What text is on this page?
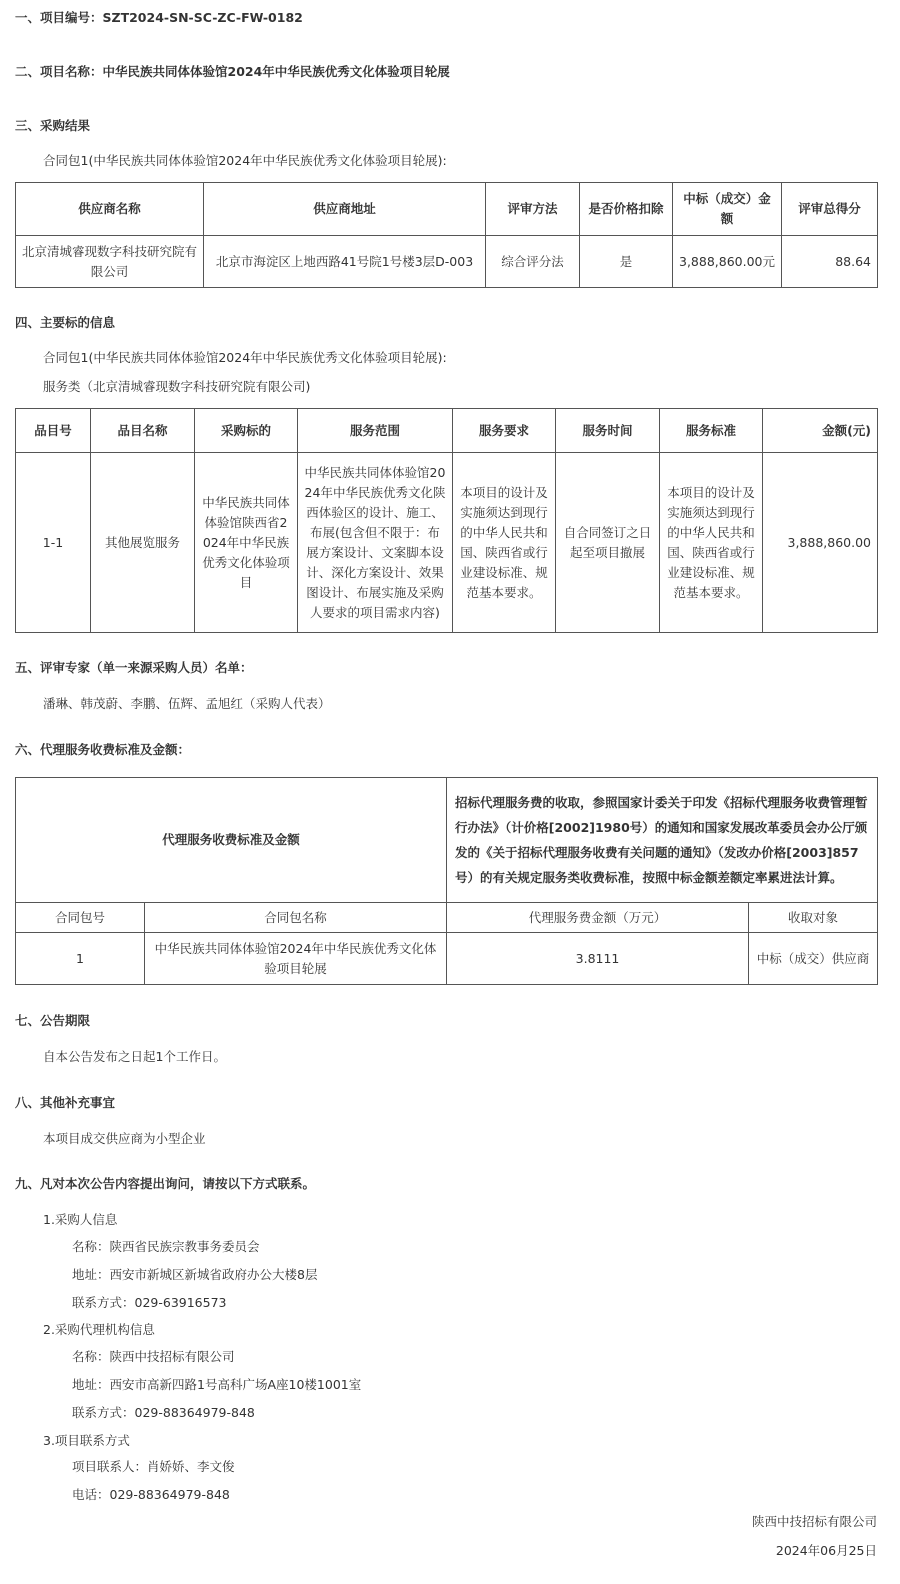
一、项目编号：SZT2024-SN-SC-ZC-FW-0182
二、项目名称：中华民族共同体体验馆2024年中华民族优秀文化体验项目轮展
三、采购结果
合同包1(中华民族共同体体验馆2024年中华民族优秀文化体验项目轮展):
供应商名称	供应商地址	评审方法	是否价格扣除	中标（成交）金额	评审总得分
北京清城睿现数字科技研究院有限公司	北京市海淀区上地西路41号院1号楼3层D-003	综合评分法	是	3,888,860.00元	88.64
四、主要标的信息
合同包1(中华民族共同体体验馆2024年中华民族优秀文化体验项目轮展):
服务类（北京清城睿现数字科技研究院有限公司)
品目号	品目名称	采购标的	服务范围	服务要求	服务时间	服务标准	金额(元)
1-1	其他展览服务	中华民族共同体体验馆陕西省2024年中华民族优秀文化体验项目	中华民族共同体体验馆2024年中华民族优秀文化陕西体验区的设计、施工、布展(包含但不限于：布展方案设计、文案脚本设计、深化方案设计、效果图设计、布展实施及采购人要求的项目需求内容)	本项目的设计及实施须达到现行的中华人民共和国、陕西省或行业建设标准、规范基本要求。	自合同签订之日起至项目撤展	本项目的设计及实施须达到现行的中华人民共和国、陕西省或行业建设标准、规范基本要求。	3,888,860.00
五、评审专家（单一来源采购人员）名单：
潘琳、韩茂蔚、李鹏、伍辉、孟旭红（采购人代表）
六、代理服务收费标准及金额：
代理服务收费标准及金额		招标代理服务费的收取，参照国家计委关于印发《招标代理服务收费管理暂行办法》（计价格[2002]1980号）的通知和国家发展改革委员会办公厅颁发的《关于招标代理服务收费有关问题的通知》（发改办价格[2003]857号）的有关规定服务类收费标准，按照中标金额差额定率累进法计算。	
合同包号	合同包名称	代理服务费金额（万元）	收取对象
1	中华民族共同体体验馆2024年中华民族优秀文化体验项目轮展	3.8111	中标（成交）供应商
七、公告期限
自本公告发布之日起1个工作日。
八、其他补充事宜
本项目成交供应商为小型企业
九、凡对本次公告内容提出询问，请按以下方式联系。
1.采购人信息
名称：陕西省民族宗教事务委员会
地址：西安市新城区新城省政府办公大楼8层
联系方式：029-63916573
2.采购代理机构信息
名称：陕西中技招标有限公司
地址：西安市高新四路1号高科广场A座10楼1001室
联系方式：029-88364979-848
3.项目联系方式
项目联系人：肖娇娇、李文俊
电话：029-88364979-848
陕西中技招标有限公司
2024年06月25日
